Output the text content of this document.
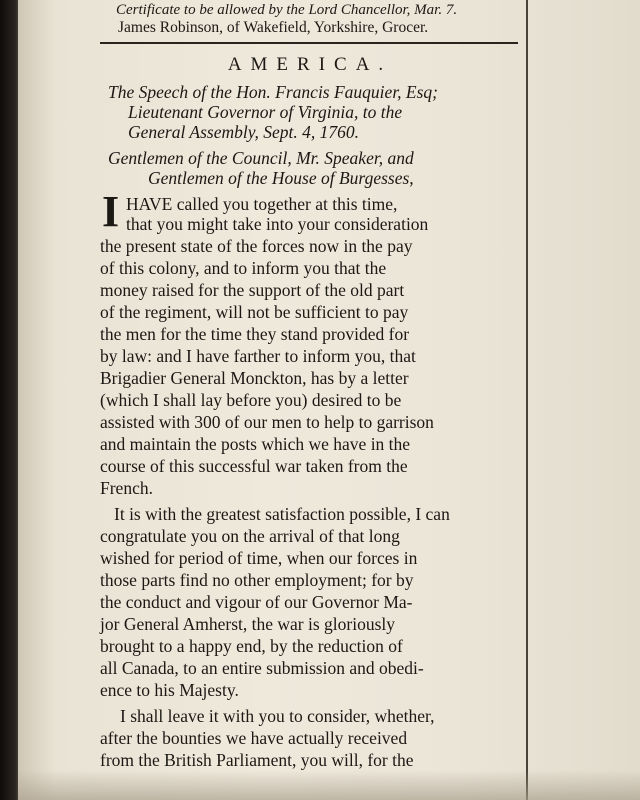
Certificate to be allowed by the Lord Chancellor, Mar. 7.
James Robinson, of Wakefield, Yorkshire, Grocer.
AMERICA.
The Speech of the Hon. Francis Fauquier, Esq;
Lieutenant Governor of Virginia, to the
General Assembly, Sept. 4, 1760.
Gentlemen of the Council, Mr. Speaker, and
Gentlemen of the House of Burgesses,
I HAVE called you together at this time,
that you might take into your consideration
the present state of the forces now in the pay
of this colony, and to inform you that the
money raised for the support of the old part
of the regiment, will not be sufficient to pay
the men for the time they stand provided for
by law: and I have farther to inform you, that
Brigadier General Monckton, has by a letter
(which I shall lay before you) desired to be
assisted with 300 of our men to help to garrison
and maintain the posts which we have in the
course of this successful war taken from the
French.
It is with the greatest satisfaction possible, I can
congratulate you on the arrival of that long
wished for period of time, when our forces in
those parts find no other employment; for by
the conduct and vigour of our Governor Ma-
jor General Amherst, the war is gloriously
brought to a happy end, by the reduction of
all Canada, to an entire submission and obedi-
ence to his Majesty.
I shall leave it with you to consider, whether,
after the bounties we have actually received
from the British Parliament, you will, for the
